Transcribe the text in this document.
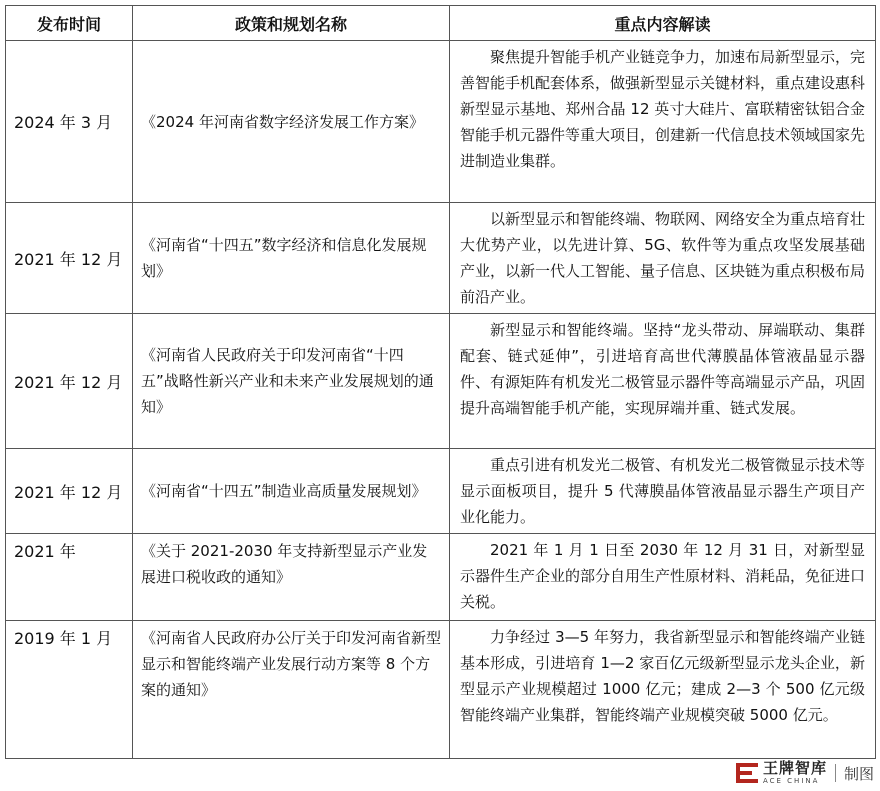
发布时间	政策和规划名称	重点内容解读
2024 年 3 月	《2024 年河南省数字经济发展工作方案》	聚焦提升智能手机产业链竞争力，加速布局新型显示，完善智能手机配套体系，做强新型显示关键材料，重点建设惠科新型显示基地、郑州合晶 12 英寸大硅片、富联精密钛铝合金智能手机元器件等重大项目，创建新一代信息技术领域国家先进制造业集群。
2021 年 12 月	《河南省“十四五”数字经济和信息化发展规划》	以新型显示和智能终端、物联网、网络安全为重点培育壮大优势产业，以先进计算、5G、软件等为重点攻坚发展基础产业，以新一代人工智能、量子信息、区块链为重点积极布局前沿产业。
2021 年 12 月	《河南省人民政府关于印发河南省“十四五”战略性新兴产业和未来产业发展规划的通知》	新型显示和智能终端。坚持“龙头带动、屏端联动、集群配套、链式延伸”，引进培育高世代薄膜晶体管液晶显示器件、有源矩阵有机发光二极管显示器件等高端显示产品，巩固提升高端智能手机产能，实现屏端并重、链式发展。
2021 年 12 月	《河南省“十四五”制造业高质量发展规划》	重点引进有机发光二极管、有机发光二极管微显示技术等显示面板项目，提升 5 代薄膜晶体管液晶显示器生产项目产业化能力。
2021 年	《关于 2021-2030 年支持新型显示产业发展进口税收政的通知》	2021 年 1 月 1 日至 2030 年 12 月 31 日，对新型显示器件生产企业的部分自用生产性原材料、消耗品，免征进口关税。
2019 年 1 月	《河南省人民政府办公厅关于印发河南省新型显示和智能终端产业发展行动方案等 8 个方案的通知》	力争经过 3—5 年努力，我省新型显示和智能终端产业链基本形成，引进培育 1—2 家百亿元级新型显示龙头企业，新型显示产业规模超过 1000 亿元；建成 2—3 个 500 亿元级智能终端产业集群，智能终端产业规模突破 5000 亿元。
王牌智库
ACE CHINA	制图
